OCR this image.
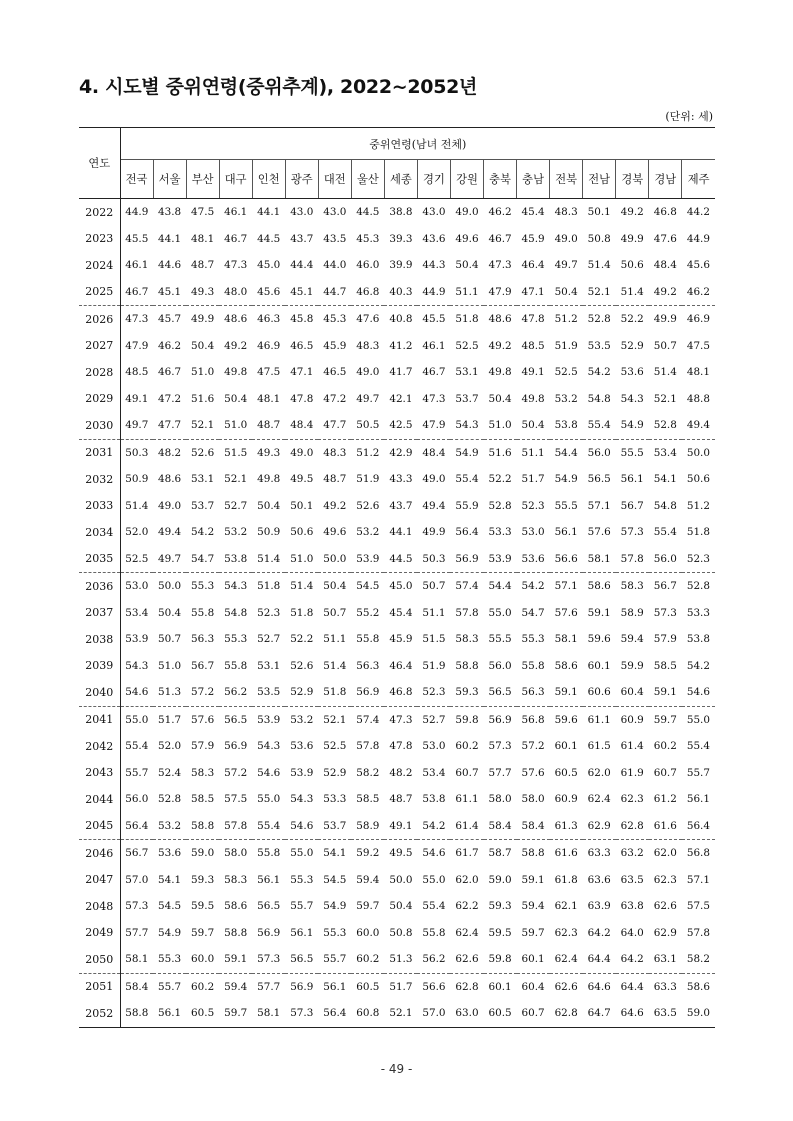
4. 시도별 중위연령(중위추계), 2022~2052년
(단위: 세)
연도	중위연령(남녀 전체)																	
	전국	서울	부산	대구	인천	광주	대전	울산	세종	경기	강원	충북	충남	전북	전남	경북	경남	제주
2022	44.9	43.8	47.5	46.1	44.1	43.0	43.0	44.5	38.8	43.0	49.0	46.2	45.4	48.3	50.1	49.2	46.8	44.2
2023	45.5	44.1	48.1	46.7	44.5	43.7	43.5	45.3	39.3	43.6	49.6	46.7	45.9	49.0	50.8	49.9	47.6	44.9
2024	46.1	44.6	48.7	47.3	45.0	44.4	44.0	46.0	39.9	44.3	50.4	47.3	46.4	49.7	51.4	50.6	48.4	45.6
2025	46.7	45.1	49.3	48.0	45.6	45.1	44.7	46.8	40.3	44.9	51.1	47.9	47.1	50.4	52.1	51.4	49.2	46.2
2026	47.3	45.7	49.9	48.6	46.3	45.8	45.3	47.6	40.8	45.5	51.8	48.6	47.8	51.2	52.8	52.2	49.9	46.9
2027	47.9	46.2	50.4	49.2	46.9	46.5	45.9	48.3	41.2	46.1	52.5	49.2	48.5	51.9	53.5	52.9	50.7	47.5
2028	48.5	46.7	51.0	49.8	47.5	47.1	46.5	49.0	41.7	46.7	53.1	49.8	49.1	52.5	54.2	53.6	51.4	48.1
2029	49.1	47.2	51.6	50.4	48.1	47.8	47.2	49.7	42.1	47.3	53.7	50.4	49.8	53.2	54.8	54.3	52.1	48.8
2030	49.7	47.7	52.1	51.0	48.7	48.4	47.7	50.5	42.5	47.9	54.3	51.0	50.4	53.8	55.4	54.9	52.8	49.4
2031	50.3	48.2	52.6	51.5	49.3	49.0	48.3	51.2	42.9	48.4	54.9	51.6	51.1	54.4	56.0	55.5	53.4	50.0
2032	50.9	48.6	53.1	52.1	49.8	49.5	48.7	51.9	43.3	49.0	55.4	52.2	51.7	54.9	56.5	56.1	54.1	50.6
2033	51.4	49.0	53.7	52.7	50.4	50.1	49.2	52.6	43.7	49.4	55.9	52.8	52.3	55.5	57.1	56.7	54.8	51.2
2034	52.0	49.4	54.2	53.2	50.9	50.6	49.6	53.2	44.1	49.9	56.4	53.3	53.0	56.1	57.6	57.3	55.4	51.8
2035	52.5	49.7	54.7	53.8	51.4	51.0	50.0	53.9	44.5	50.3	56.9	53.9	53.6	56.6	58.1	57.8	56.0	52.3
2036	53.0	50.0	55.3	54.3	51.8	51.4	50.4	54.5	45.0	50.7	57.4	54.4	54.2	57.1	58.6	58.3	56.7	52.8
2037	53.4	50.4	55.8	54.8	52.3	51.8	50.7	55.2	45.4	51.1	57.8	55.0	54.7	57.6	59.1	58.9	57.3	53.3
2038	53.9	50.7	56.3	55.3	52.7	52.2	51.1	55.8	45.9	51.5	58.3	55.5	55.3	58.1	59.6	59.4	57.9	53.8
2039	54.3	51.0	56.7	55.8	53.1	52.6	51.4	56.3	46.4	51.9	58.8	56.0	55.8	58.6	60.1	59.9	58.5	54.2
2040	54.6	51.3	57.2	56.2	53.5	52.9	51.8	56.9	46.8	52.3	59.3	56.5	56.3	59.1	60.6	60.4	59.1	54.6
2041	55.0	51.7	57.6	56.5	53.9	53.2	52.1	57.4	47.3	52.7	59.8	56.9	56.8	59.6	61.1	60.9	59.7	55.0
2042	55.4	52.0	57.9	56.9	54.3	53.6	52.5	57.8	47.8	53.0	60.2	57.3	57.2	60.1	61.5	61.4	60.2	55.4
2043	55.7	52.4	58.3	57.2	54.6	53.9	52.9	58.2	48.2	53.4	60.7	57.7	57.6	60.5	62.0	61.9	60.7	55.7
2044	56.0	52.8	58.5	57.5	55.0	54.3	53.3	58.5	48.7	53.8	61.1	58.0	58.0	60.9	62.4	62.3	61.2	56.1
2045	56.4	53.2	58.8	57.8	55.4	54.6	53.7	58.9	49.1	54.2	61.4	58.4	58.4	61.3	62.9	62.8	61.6	56.4
2046	56.7	53.6	59.0	58.0	55.8	55.0	54.1	59.2	49.5	54.6	61.7	58.7	58.8	61.6	63.3	63.2	62.0	56.8
2047	57.0	54.1	59.3	58.3	56.1	55.3	54.5	59.4	50.0	55.0	62.0	59.0	59.1	61.8	63.6	63.5	62.3	57.1
2048	57.3	54.5	59.5	58.6	56.5	55.7	54.9	59.7	50.4	55.4	62.2	59.3	59.4	62.1	63.9	63.8	62.6	57.5
2049	57.7	54.9	59.7	58.8	56.9	56.1	55.3	60.0	50.8	55.8	62.4	59.5	59.7	62.3	64.2	64.0	62.9	57.8
2050	58.1	55.3	60.0	59.1	57.3	56.5	55.7	60.2	51.3	56.2	62.6	59.8	60.1	62.4	64.4	64.2	63.1	58.2
2051	58.4	55.7	60.2	59.4	57.7	56.9	56.1	60.5	51.7	56.6	62.8	60.1	60.4	62.6	64.6	64.4	63.3	58.6
2052	58.8	56.1	60.5	59.7	58.1	57.3	56.4	60.8	52.1	57.0	63.0	60.5	60.7	62.8	64.7	64.6	63.5	59.0
- 49 -
